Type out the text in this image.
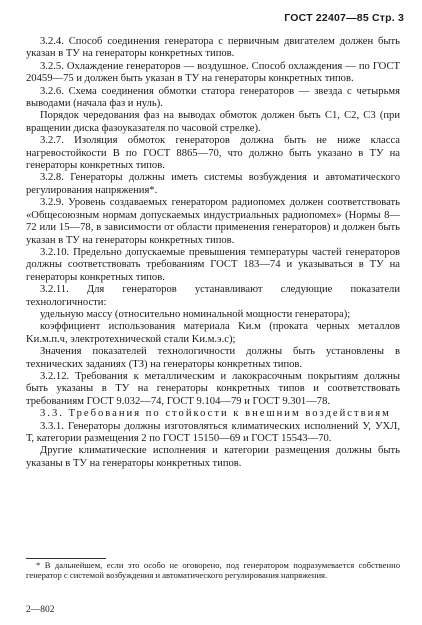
ГОСТ 22407—85 Стр. 3

3.2.4. Способ соединения генератора с первичным двигателем должен быть указан в ТУ на генераторы конкретных типов.

3.2.5. Охлаждение генераторов — воздушное. Способ охлаждения — по ГОСТ 20459—75 и должен быть указан в ТУ на генераторы конкретных типов.

3.2.6. Схема соединения обмотки статора генераторов — звезда с четырьмя выводами (начала фаз и нуль).

Порядок чередования фаз на выводах обмоток должен быть С1, С2, С3 (при вращении диска фазоуказателя по часовой стрелке).

3.2.7. Изоляция обмоток генераторов должна быть не ниже класса нагревостойкости В по ГОСТ 8865—70, что должно быть указано в ТУ на генераторы конкретных типов.

3.2.8. Генераторы должны иметь системы возбуждения и автоматического регулирования напряжения*.

3.2.9. Уровень создаваемых генератором радиопомех должен соответствовать «Общесоюзным нормам допускаемых индустриальных радиопомех» (Нормы 8—72 или 15—78, в зависимости от области применения генераторов) и должен быть указан в ТУ на генераторы конкретных типов.

3.2.10. Предельно допускаемые превышения температуры частей генераторов должны соответствовать требованиям ГОСТ 183—74 и указываться в ТУ на генераторы конкретных типов.

3.2.11. Для генераторов устанавливают следующие показатели технологичности:

удельную массу (относительно номинальной мощности генератора);

коэффициент использования материала Kи.м (проката черных металлов Kи.м.п.ч, электротехнической стали Kи.м.э.с);

Значения показателей технологичности должны быть установлены в технических заданиях (ТЗ) на генераторы конкретных типов.

3.2.12. Требования к металлическим и лакокрасочным покрытиям должны быть указаны в ТУ на генераторы конкретных типов и соответствовать требованиям ГОСТ 9.032—74, ГОСТ 9.104—79 и ГОСТ 9.301—78.

3.3. Требования по стойкости к внешним воздействиям

3.3.1. Генераторы должны изготовляться климатических исполнений У, УХЛ, Т, категории размещения 2 по ГОСТ 15150—69 и ГОСТ 15543—70.

Другие климатические исполнения и категории размещения должны быть указаны в ТУ на генераторы конкретных типов.

* В дальнейшем, если это особо не оговорено, под генератором подразумевается собственно генератор с системой возбуждения и автоматического регулирования напряжения.
2—802
